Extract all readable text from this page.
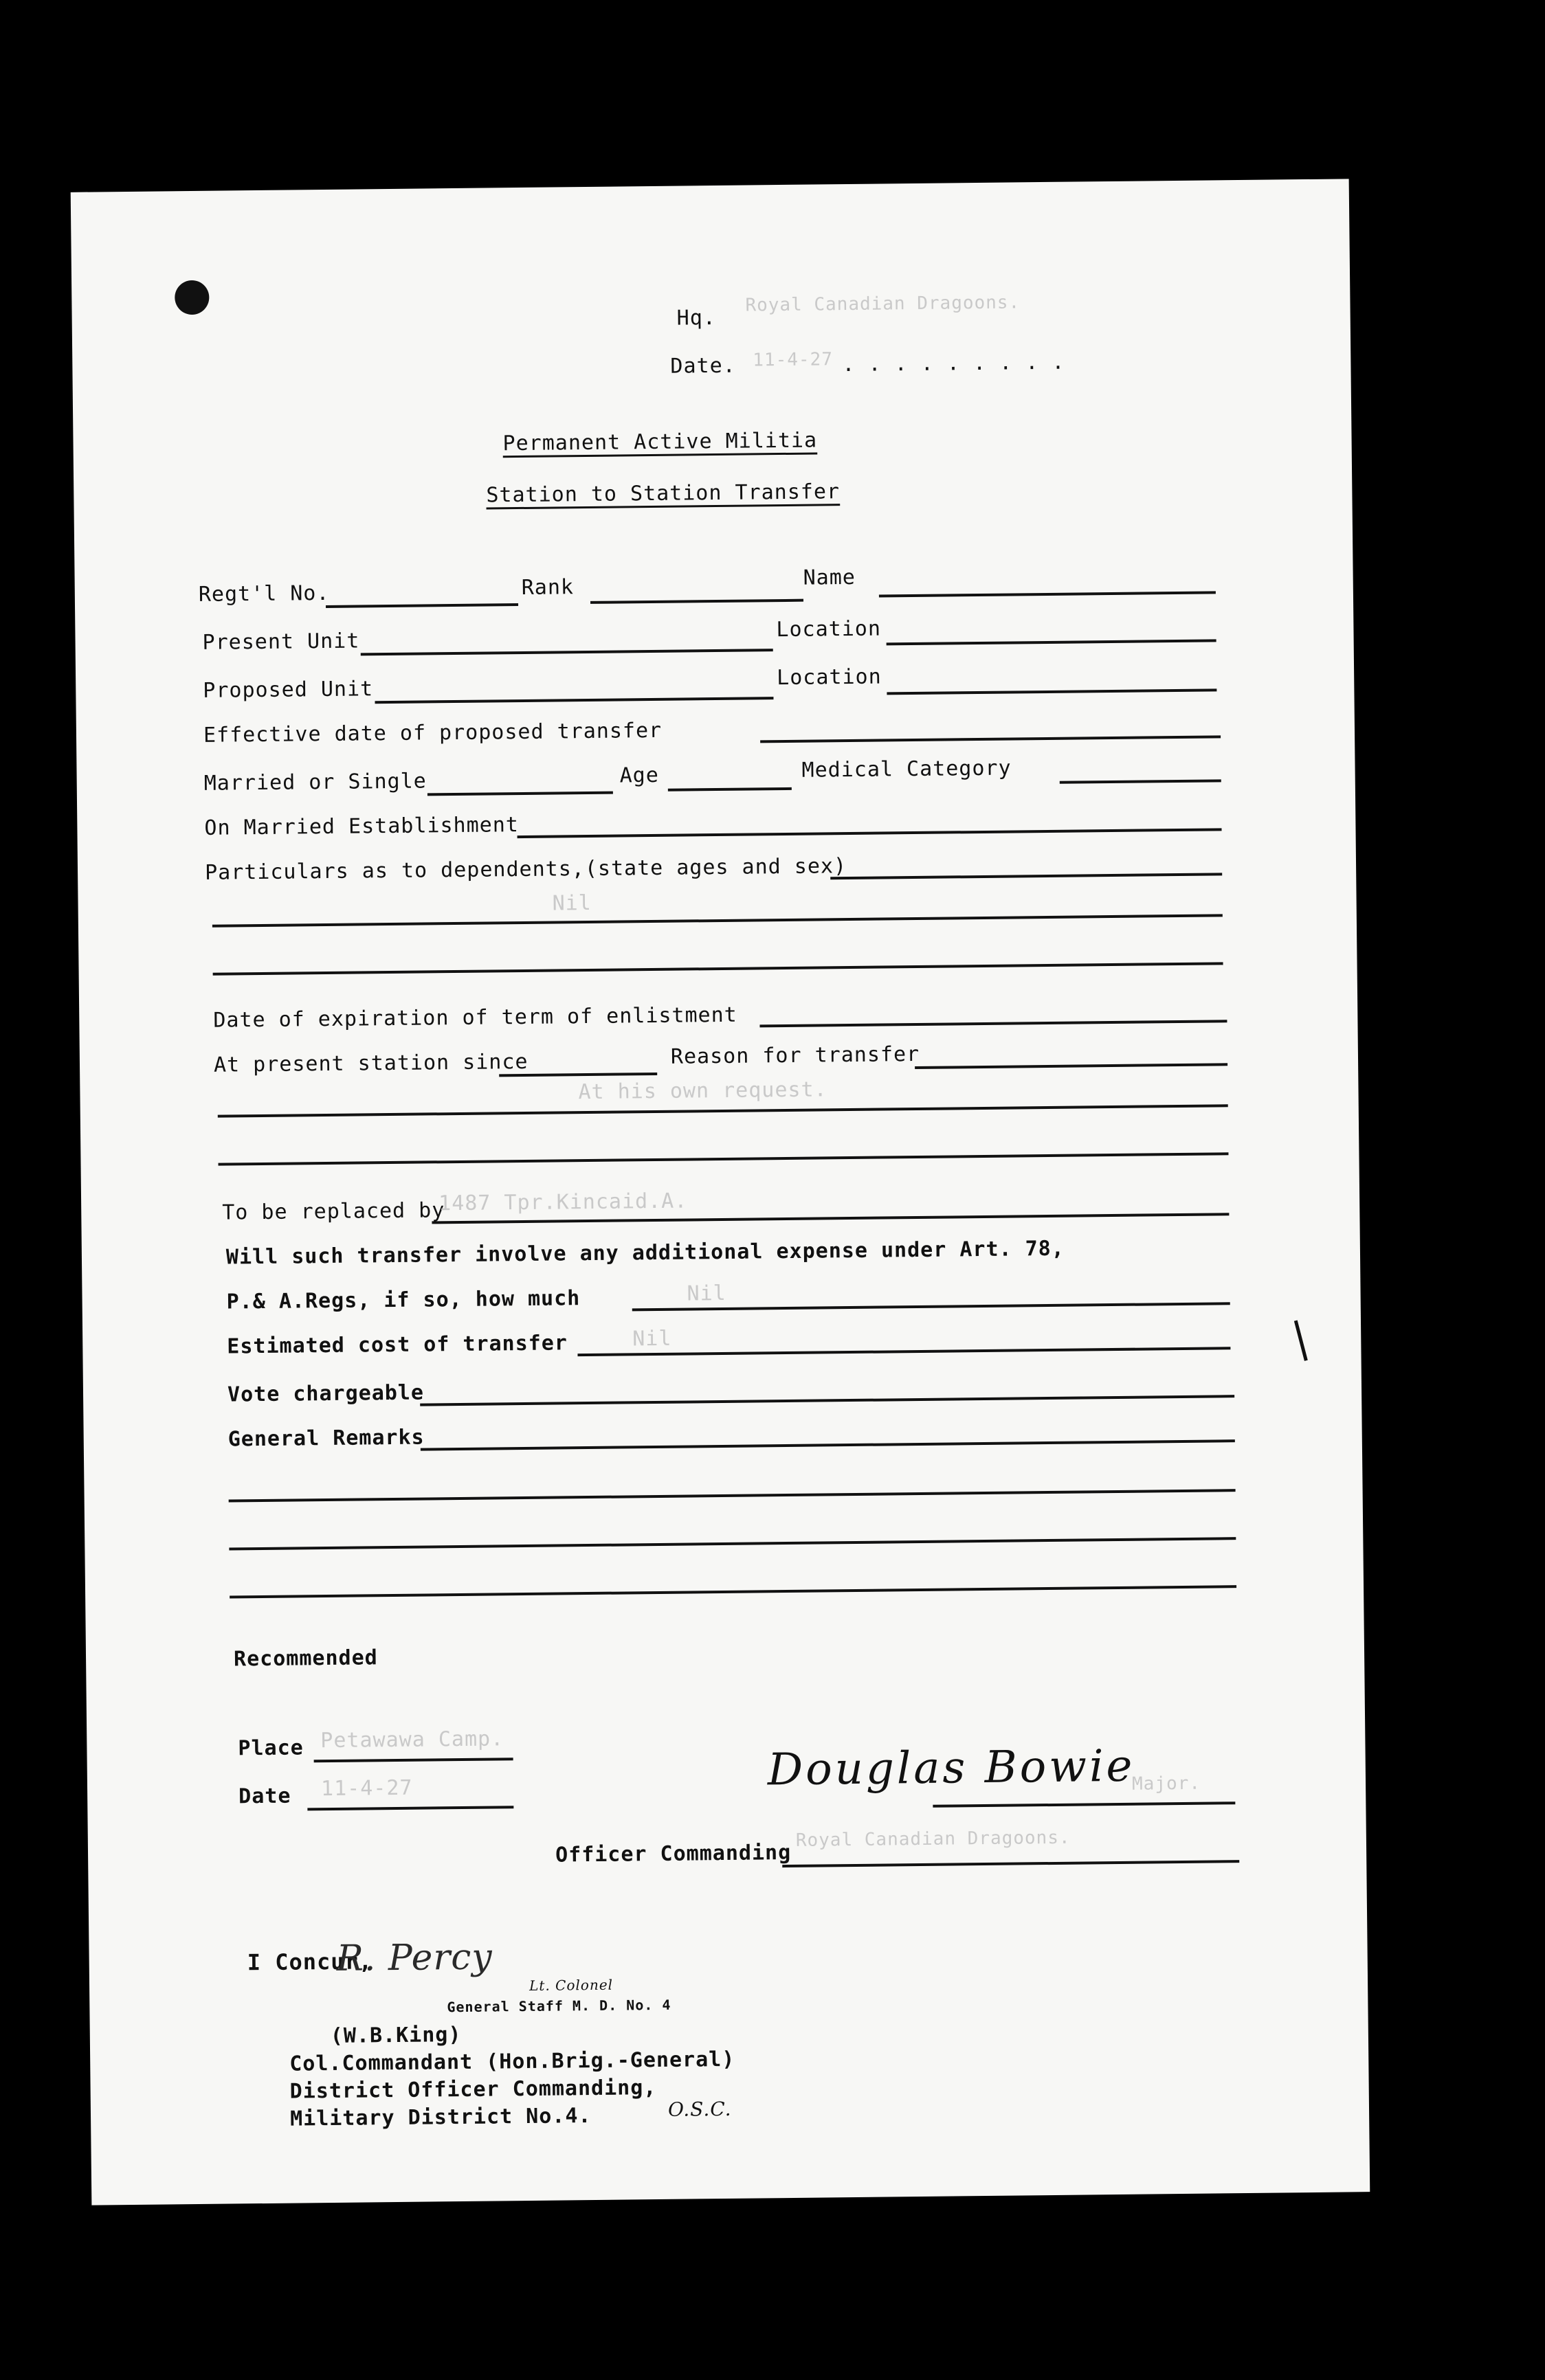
Hq.
Royal Canadian Dragoons.
Date. 11-4-27 . . . . . . . . .
Permanent Active Militia
Station to Station Transfer
Regt'l No.	Rank	Name
Present Unit	Location
Proposed Unit	Location
Effective date of proposed transfer
Married or Single	Age	Medical Category
On Married Establishment
Particulars as to dependents,(state ages and sex)
Nil
Date of expiration of term of enlistment
At present station since	Reason for transfer
At his own request.
To be replaced by
1487 Tpr.Kincaid.A.
Will such transfer involve any additional expense under Art. 78,
P.& A.Regs, if so, how much	Nil
Estimated cost of transfer	Nil
Vote chargeable
General Remarks
Recommended
Place Petawawa Camp.
Date 11-4-27	Douglas Bowie
Major.
Officer Commanding
Royal Canadian Dragoons.
I Concur,
R. Percy
Lt. Colonel
General Staff M. D. No. 4
(W.B.King)
Col.Commandant (Hon.Brig.-General)
District Officer Commanding,
Military District No.4.	O.S.C.
